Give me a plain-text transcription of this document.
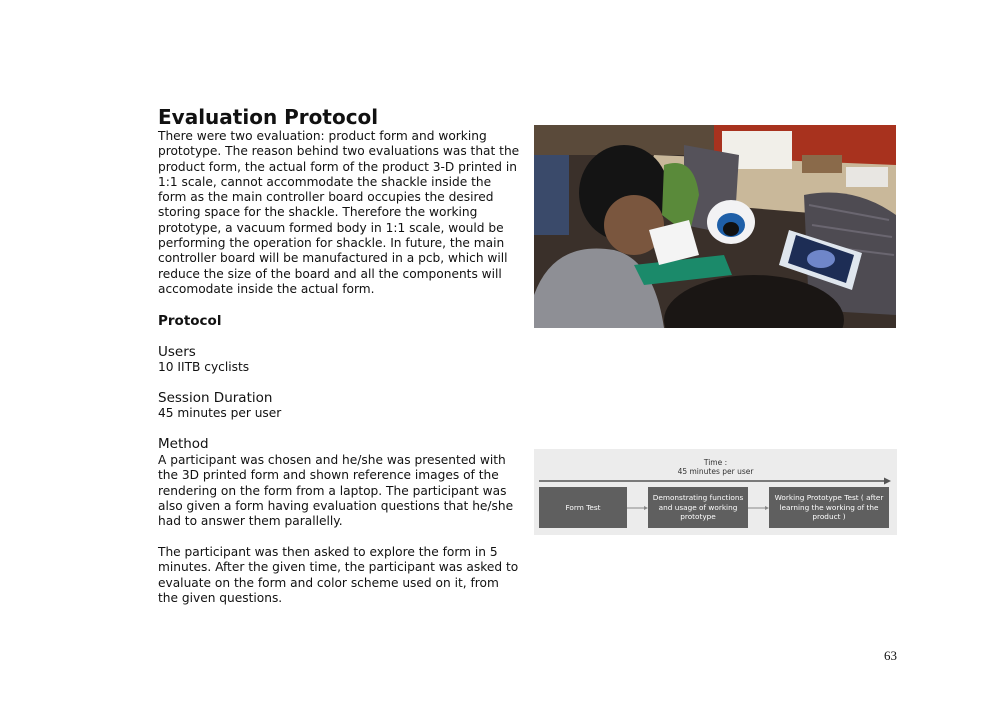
Evaluation Protocol
There were two evaluation: product form and working prototype. The reason behind two evaluations was that the product form, the actual form of the product 3-D printed in 1:1 scale, cannot accommodate the shackle inside the form as the main controller board occupies the desired storing space for the shackle. Therefore the working prototype, a vacuum formed body in 1:1 scale, would be performing the operation for shackle. In future, the main controller board will be manufactured in a pcb, which will reduce the size of the board and all the components will accomodate inside the actual form.
Protocol
Users
10 IITB cyclists
Session Duration
45 minutes per user
Method
A participant was chosen and he/she was presented with the 3D printed form and shown reference images of the rendering on the form from a laptop. The participant was also given a form having evaluation questions that he/she had to answer them parallelly.
The participant was then asked to explore the form in 5 minutes. After the given time, the participant was asked to evaluate on the form and color scheme used on it, from the given questions.
Time :
45 minutes per user
Form Test
Demonstrating functions and usage of working prototype
Working Prototype Test ( after learning the working of the product )
63
